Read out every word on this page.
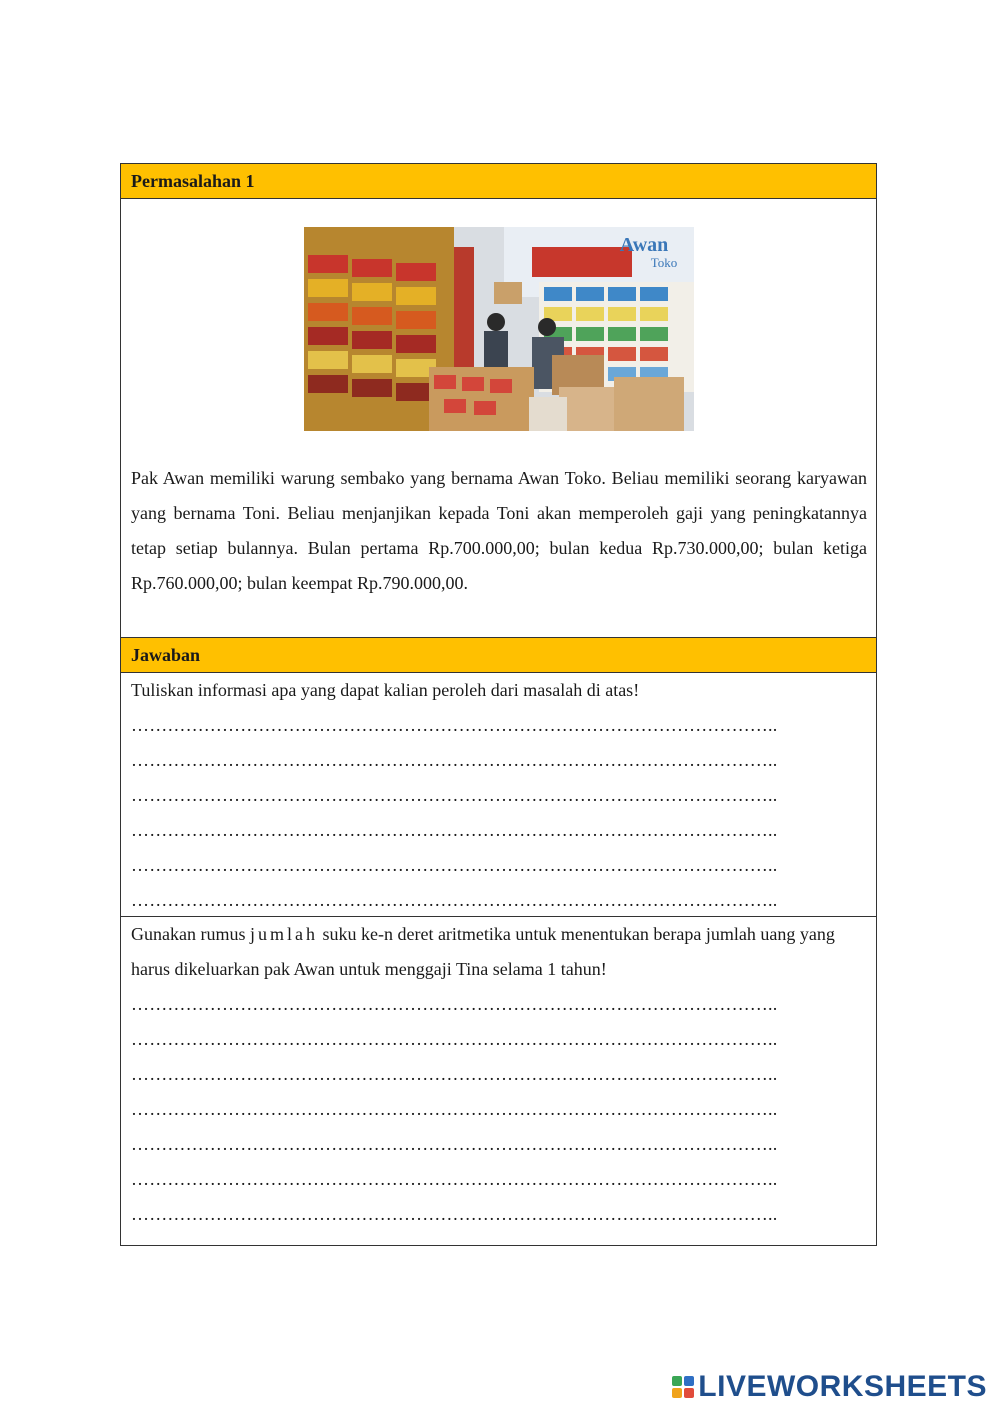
Permasalahan 1
Awan
Toko

Pak Awan memiliki warung sembako yang bernama Awan Toko. Beliau memiliki seorang karyawan yang bernama Toni. Beliau menjanjikan kepada Toni akan memperoleh gaji yang peningkatannya tetap setiap bulannya. Bulan pertama Rp.700.000,00; bulan kedua Rp.730.000,00; bulan ketiga Rp.760.000,00; bulan keempat Rp.790.000,00.

Jawaban

Tuliskan informasi apa yang dapat kalian peroleh dari masalah di atas!

……………………………………………………………………………………………..

……………………………………………………………………………………………..

……………………………………………………………………………………………..

……………………………………………………………………………………………..

……………………………………………………………………………………………..

……………………………………………………………………………………………..

Gunakan rumus jumlah suku ke-n deret aritmetika untuk menentukan berapa jumlah uang yang harus dikeluarkan pak Awan untuk menggaji Tina selama 1 tahun!

……………………………………………………………………………………………..

……………………………………………………………………………………………..

……………………………………………………………………………………………..

……………………………………………………………………………………………..

……………………………………………………………………………………………..

……………………………………………………………………………………………..

……………………………………………………………………………………………..

LIVEWORKSHEETS
